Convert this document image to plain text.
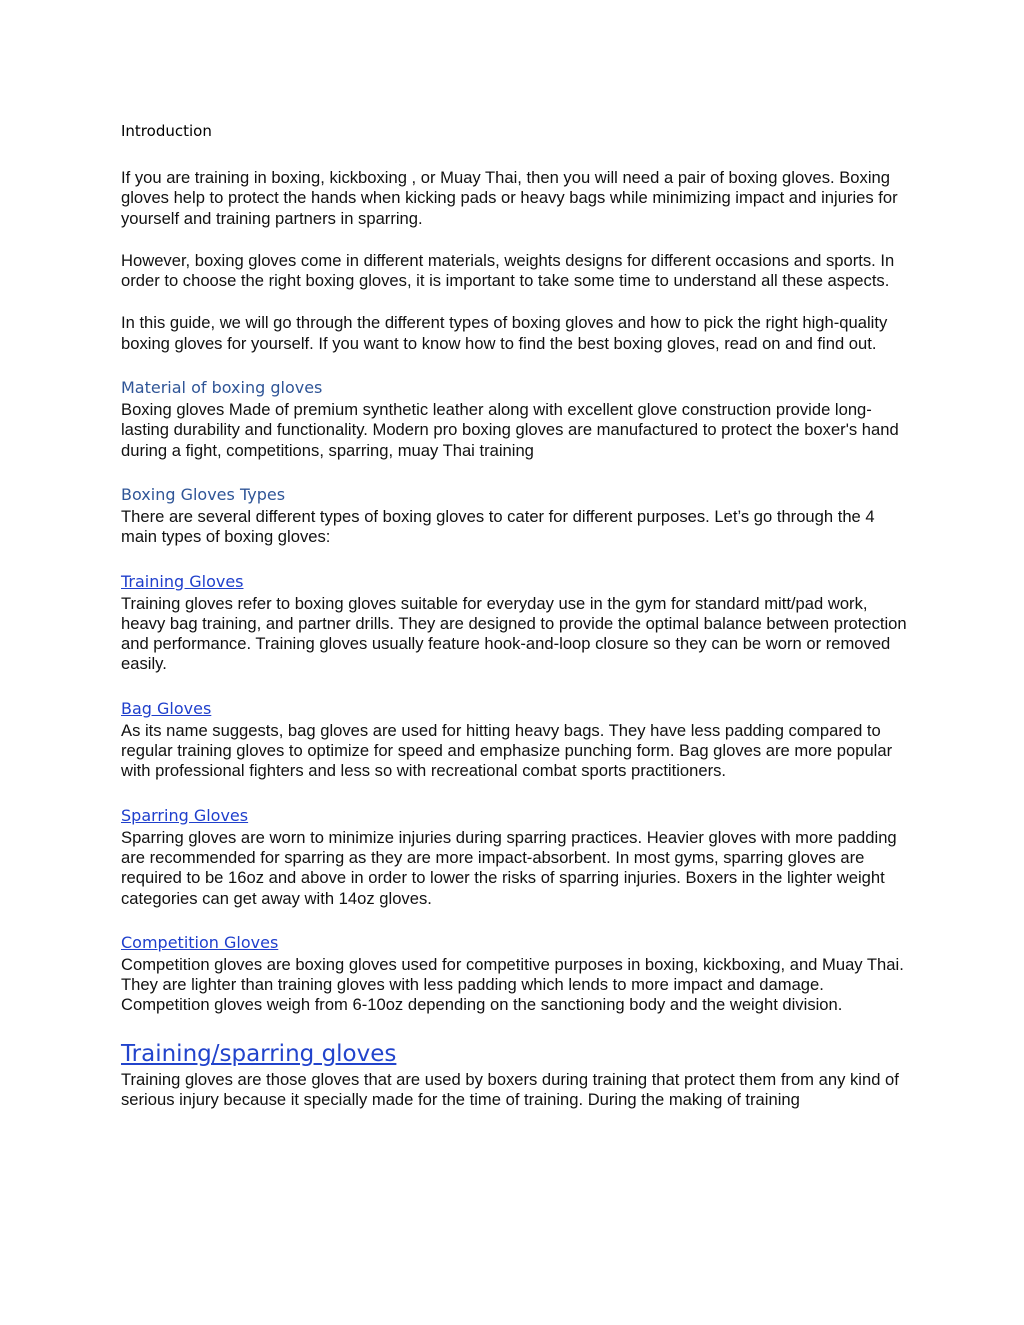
Introduction

If you are training in boxing, kickboxing , or Muay Thai, then you will need a pair of boxing gloves. Boxing gloves help to protect the hands when kicking pads or heavy bags while minimizing impact and injuries for yourself and training partners in sparring.

However, boxing gloves come in different materials, weights designs for different occasions and sports. In order to choose the right boxing gloves, it is important to take some time to understand all these aspects.

In this guide, we will go through the different types of boxing gloves and how to pick the right high-quality boxing gloves for yourself. If you want to know how to find the best boxing gloves, read on and find out.

Material of boxing gloves

Boxing gloves Made of premium synthetic leather along with excellent glove construction provide long-lasting durability and functionality. Modern pro boxing gloves are manufactured to protect the boxer's hand during a fight, competitions, sparring, muay Thai training

Boxing Gloves Types

There are several different types of boxing gloves to cater for different purposes. Let’s go through the 4 main types of boxing gloves:

Training Gloves

Training gloves refer to boxing gloves suitable for everyday use in the gym for standard mitt/pad work, heavy bag training, and partner drills. They are designed to provide the optimal balance between protection and performance. Training gloves usually feature hook-and-loop closure so they can be worn or removed easily.

Bag Gloves

As its name suggests, bag gloves are used for hitting heavy bags. They have less padding compared to regular training gloves to optimize for speed and emphasize punching form. Bag gloves are more popular with professional fighters and less so with recreational combat sports practitioners.

Sparring Gloves

Sparring gloves are worn to minimize injuries during sparring practices. Heavier gloves with more padding are recommended for sparring as they are more impact-absorbent. In most gyms, sparring gloves are required to be 16oz and above in order to lower the risks of sparring injuries. Boxers in the lighter weight categories can get away with 14oz gloves.

Competition Gloves

Competition gloves are boxing gloves used for competitive purposes in boxing, kickboxing, and Muay Thai. They are lighter than training gloves with less padding which lends to more impact and damage. Competition gloves weigh from 6-10oz depending on the sanctioning body and the weight division.

Training/sparring gloves

Training gloves are those gloves that are used by boxers during training that protect them from any kind of serious injury because it specially made for the time of training. During the making of training
